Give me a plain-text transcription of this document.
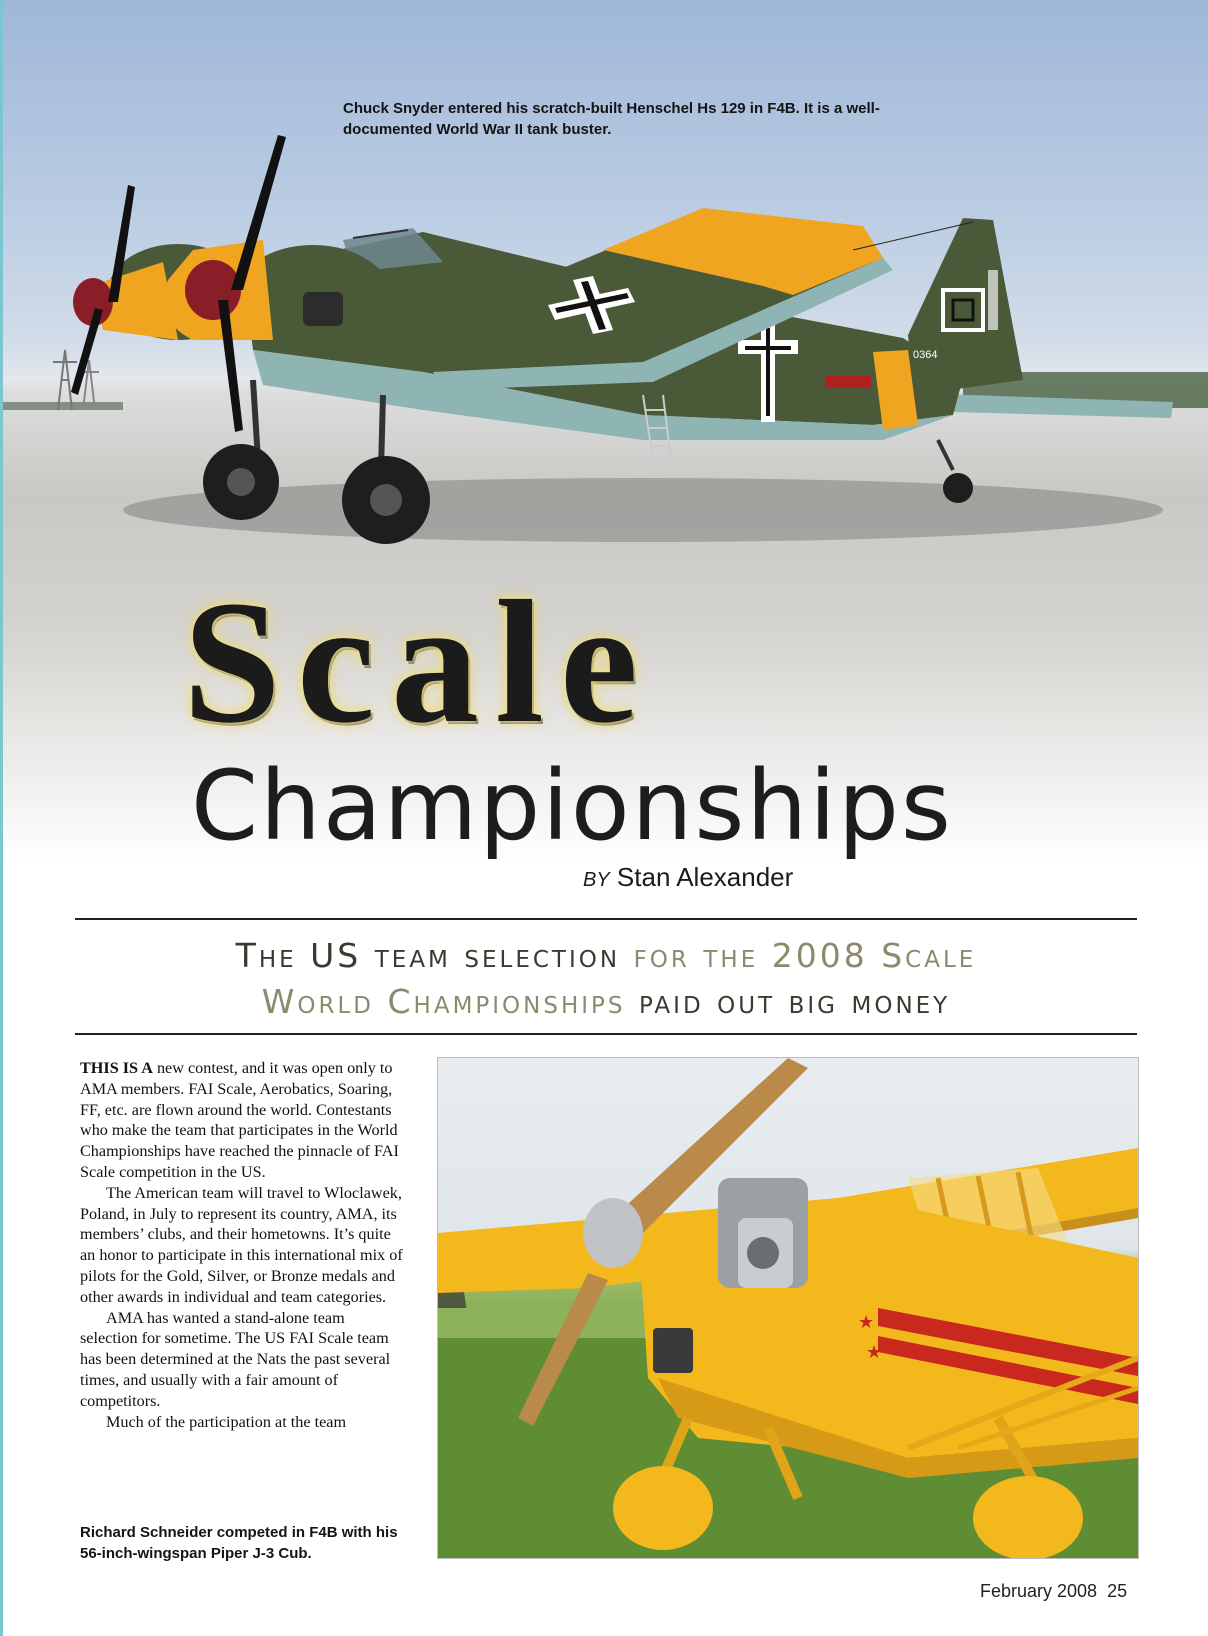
0364
Chuck Snyder entered his scratch-built Henschel Hs 129 in F4B. It is a well-documented World War II tank buster.
Scale
Championships
BY Stan Alexander
The US team selection for the 2008 Scale
World Championships paid out big money

THIS IS A new contest, and it was open only to AMA members. FAI Scale, Aerobatics, Soaring, FF, etc. are flown around the world. Contestants who make the team that participates in the World Championships have reached the pinnacle of FAI Scale competition in the US.

The American team will travel to Wloclawek, Poland, in July to represent its country, AMA, its members’ clubs, and their hometowns. It’s quite an honor to participate in this international mix of pilots for the Gold, Silver, or Bronze medals and other awards in individual and team categories.

AMA has wanted a stand-alone team selection for sometime. The US FAI Scale team has been determined at the Nats the past several times, and usually with a fair amount of competitors.

Much of the participation at the team

Richard Schneider competed in F4B with his 56-inch-wingspan Piper J-3 Cub.
★
★
February 2008 25
